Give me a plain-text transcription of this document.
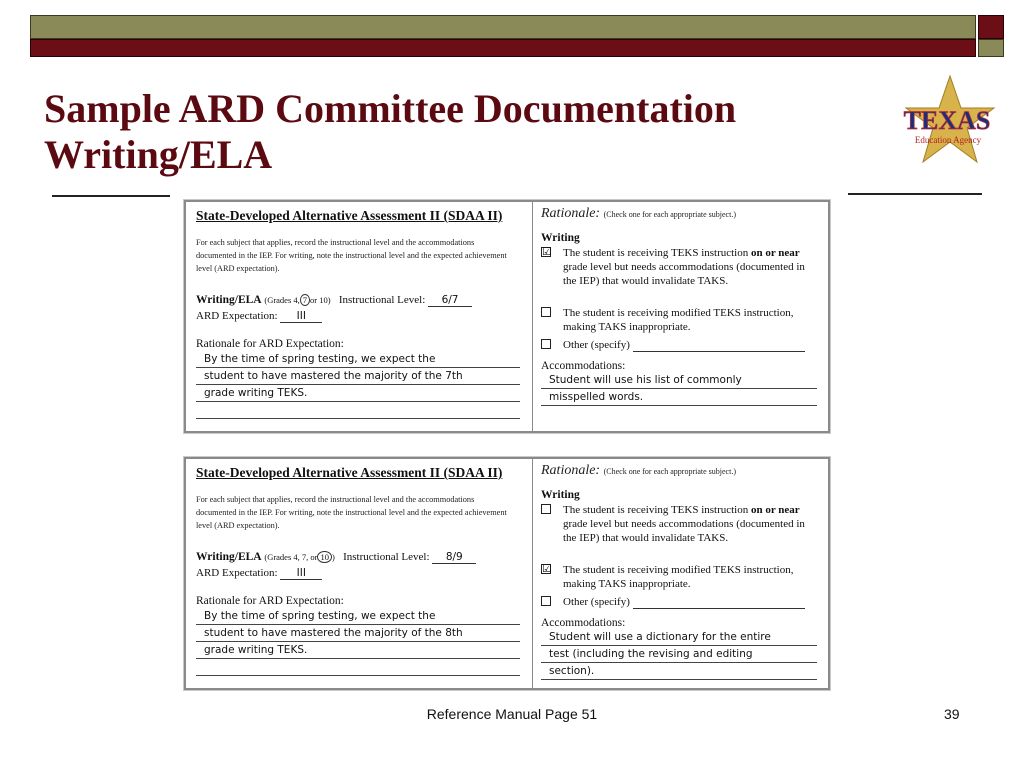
Sample ARD Committee Documentation
Writing/ELA
TEXAS
Education Agency
State-Developed Alternative Assessment II (SDAA II)
For each subject that applies, record the instructional level and the accommodations documented in the IEP. For writing, note the instructional level and the expected achievement level (ARD expectation).
Writing/ELA (Grades 4, 7 or 10) Instructional Level: 6/7
ARD Expectation: III
Rationale for ARD Expectation:
By the time of spring testing, we expect the
student to have mastered the majority of the 7th
grade writing TEKS.
Rationale: (Check one for each appropriate subject.)
Writing
☑ The student is receiving TEKS instruction on or near grade level but needs accommodations (documented in the IEP) that would invalidate TAKS.
The student is receiving modified TEKS instruction, making TAKS inappropriate.
Other (specify)
Accommodations:
Student will use his list of commonly
misspelled words.
State-Developed Alternative Assessment II (SDAA II)
For each subject that applies, record the instructional level and the accommodations documented in the IEP. For writing, note the instructional level and the expected achievement level (ARD expectation).
Writing/ELA (Grades 4, 7, or 10 ) Instructional Level: 8/9
ARD Expectation: III
Rationale for ARD Expectation:
By the time of spring testing, we expect the
student to have mastered the majority of the 8th
grade writing TEKS.
Rationale: (Check one for each appropriate subject.)
Writing
The student is receiving TEKS instruction on or near grade level but needs accommodations (documented in the IEP) that would invalidate TAKS.
☑ The student is receiving modified TEKS instruction, making TAKS inappropriate.
Other (specify)
Accommodations:
Student will use a dictionary for the entire
test (including the revising and editing
section).
Reference Manual Page 51	39
